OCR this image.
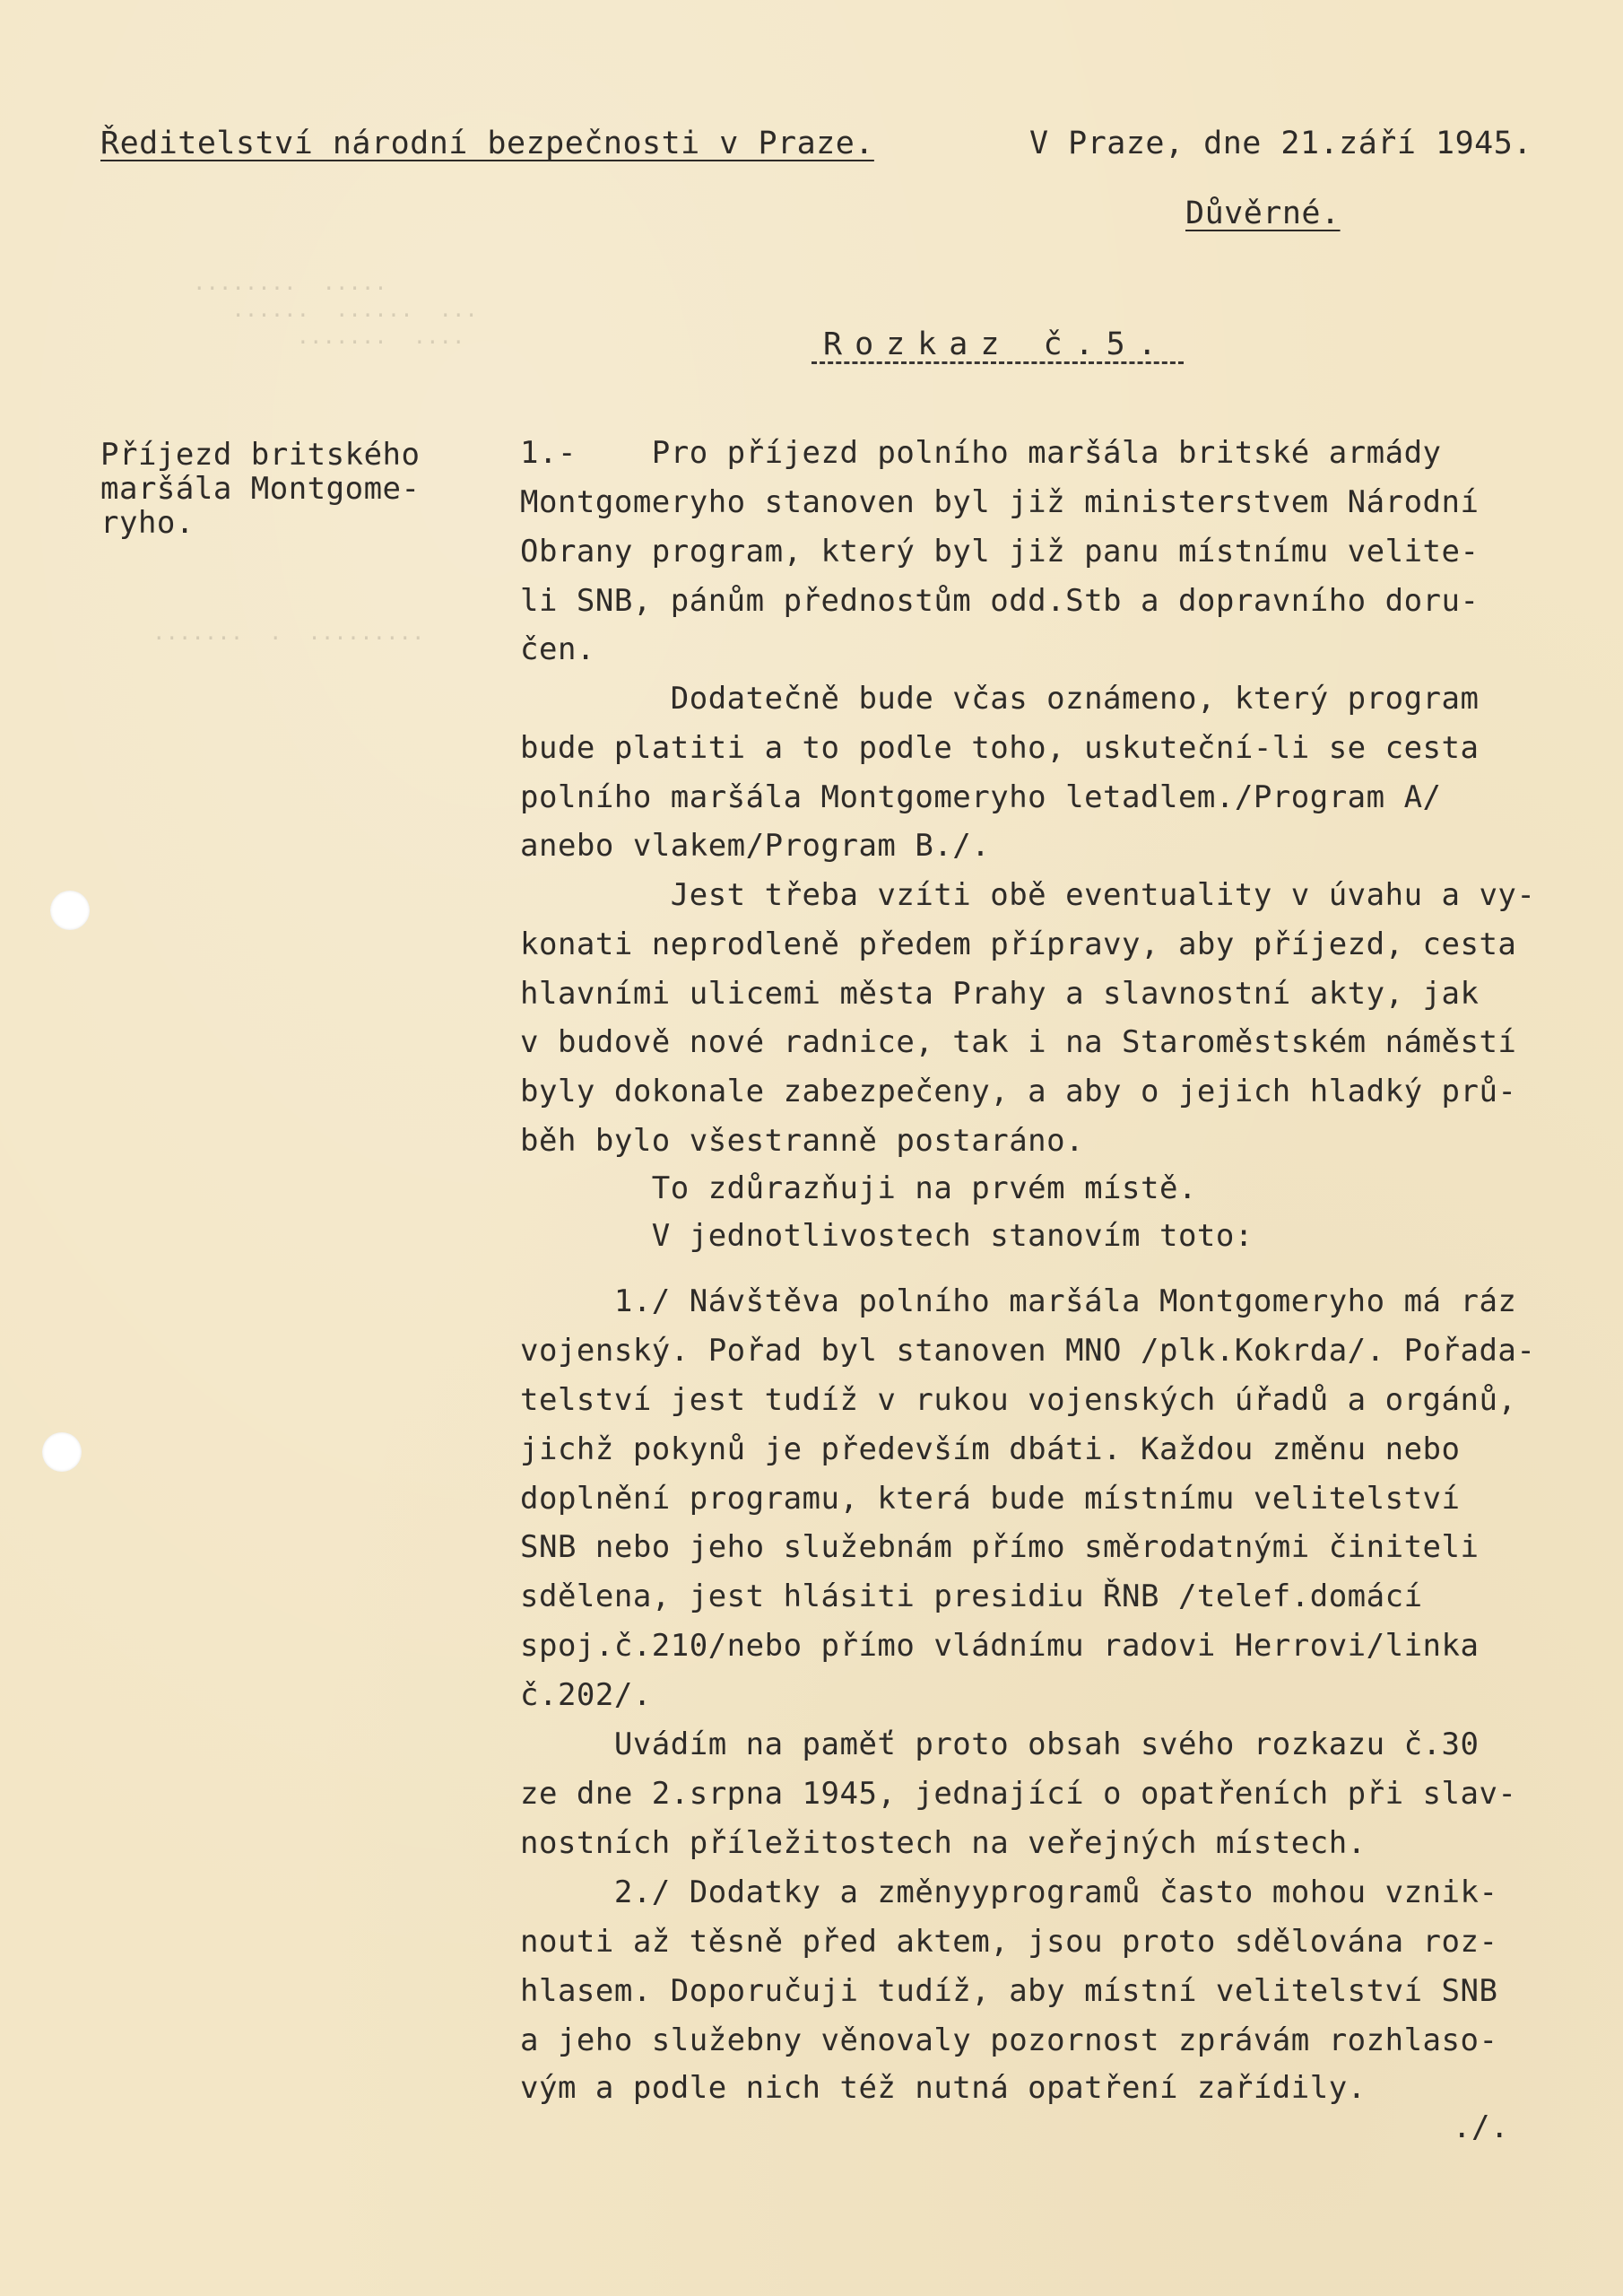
........  .....
......  ......  ...
.......  ....
.......  .  .........
Ředitelství národní bezpečnosti v Praze.	V Praze, dne 21.září 1945.
Důvěrné.
Rozkaz č.5.
Příjezd britského
maršála Montgome-
ryho.
1.-    Pro příjezd polního maršála britské armády
Montgomeryho stanoven byl již ministerstvem Národní
Obrany program, který byl již panu místnímu velite-
li SNB, pánům přednostům odd.Stb a dopravního doru-
čen.
Dodatečně bude včas oznámeno, který program
bude platiti a to podle toho, uskuteční-li se cesta
polního maršála Montgomeryho letadlem./Program A/
anebo vlakem/Program B./.
Jest třeba vzíti obě eventuality v úvahu a vy-
konati neprodleně předem přípravy, aby příjezd, cesta
hlavními ulicemi města Prahy a slavnostní akty, jak
v budově nové radnice, tak i na Staroměstském náměstí
byly dokonale zabezpečeny, a aby o jejich hladký prů-
běh bylo všestranně postaráno.
To zdůrazňuji na prvém místě.
V jednotlivostech stanovím toto:
1./ Návštěva polního maršála Montgomeryho má ráz
vojenský. Pořad byl stanoven MNO /plk.Kokrda/. Pořada-
telství jest tudíž v rukou vojenských úřadů a orgánů,
jichž pokynů je především dbáti. Každou změnu nebo
doplnění programu, která bude místnímu velitelství
SNB nebo jeho služebnám přímo směrodatnými činiteli
sdělena, jest hlásiti presidiu ŘNB /telef.domácí
spoj.č.210/nebo přímo vládnímu radovi Herrovi/linka
č.202/.
Uvádím na paměť proto obsah svého rozkazu č.30
ze dne 2.srpna 1945, jednající o opatřeních při slav-
nostních příležitostech na veřejných místech.
2./ Dodatky a změnyyprogramů často mohou vznik-
nouti až těsně před aktem, jsou proto sdělována roz-
hlasem. Doporučuji tudíž, aby místní velitelství SNB
a jeho služebny věnovaly pozornost zprávám rozhlaso-
vým a podle nich též nutná opatření zařídily.
./.
